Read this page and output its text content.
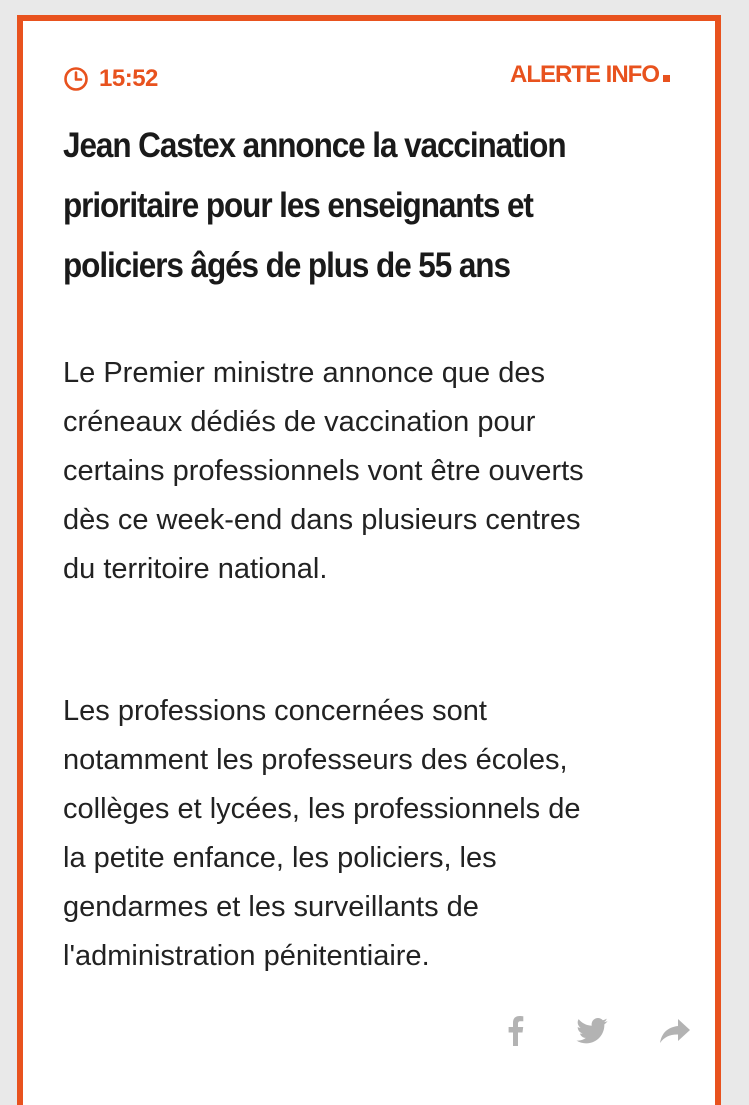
15:52	ALERTE INFO
Jean Castex annonce la vaccination
prioritaire pour les enseignants et
policiers âgés de plus de 55 ans

Le Premier ministre annonce que des
créneaux dédiés de vaccination pour
certains professionnels vont être ouverts
dès ce week-end dans plusieurs centres
du territoire national.

Les professions concernées sont
notamment les professeurs des écoles,
collèges et lycées, les professionnels de
la petite enfance, les policiers, les
gendarmes et les surveillants de
l'administration pénitentiaire.
